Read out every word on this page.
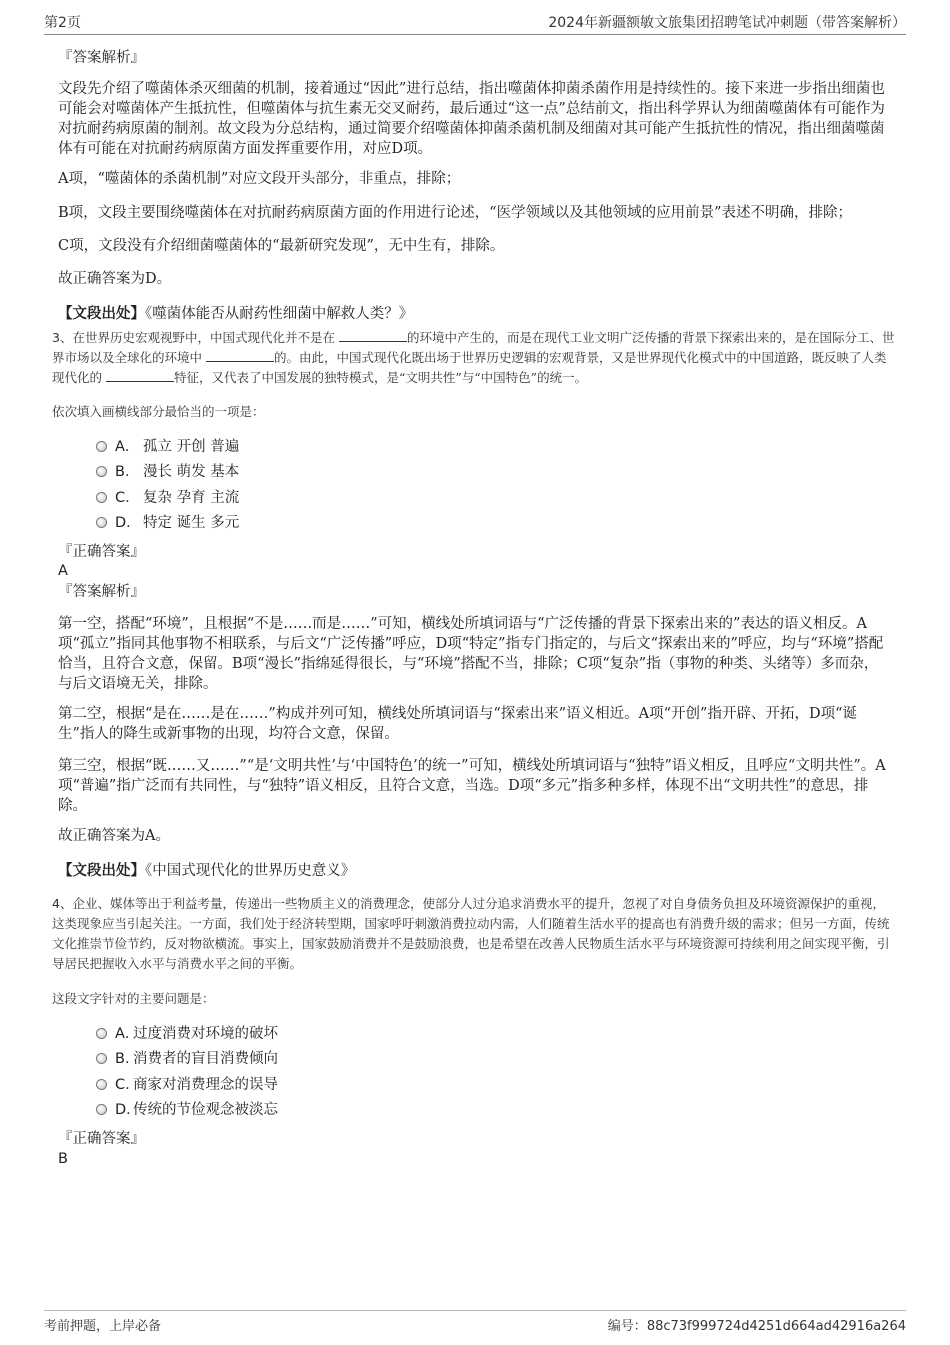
第2页	2024年新疆额敏文旅集团招聘笔试冲刺题（带答案解析）
『答案解析』
文段先介绍了噬菌体杀灭细菌的机制，接着通过“因此”进行总结，指出噬菌体抑菌杀菌作用是持续性的。接下来进一步指出细菌也可能会对噬菌体产生抵抗性，但噬菌体与抗生素无交叉耐药，最后通过“这一点”总结前文，指出科学界认为细菌噬菌体有可能作为对抗耐药病原菌的制剂。故文段为分总结构，通过简要介绍噬菌体抑菌杀菌机制及细菌对其可能产生抵抗性的情况，指出细菌噬菌体有可能在对抗耐药病原菌方面发挥重要作用，对应D项。
A项，“噬菌体的杀菌机制”对应文段开头部分，非重点，排除；
B项，文段主要围绕噬菌体在对抗耐药病原菌方面的作用进行论述，“医学领域以及其他领域的应用前景”表述不明确，排除；
C项，文段没有介绍细菌噬菌体的“最新研究发现”，无中生有，排除。
故正确答案为D。
【文段出处】《噬菌体能否从耐药性细菌中解救人类？》
3、在世界历史宏观视野中，中国式现代化并不是在	的环境中产生的，而是在现代工业文明广泛传播的背景下探索出来的，是在国际分工、世界市场以及全球化的环境中	的。由此，中国式现代化既出场于世界历史逻辑的宏观背景，又是世界现代化模式中的中国道路，既反映了人类现代化的	特征，又代表了中国发展的独特模式，是“文明共性”与“中国特色”的统一。
依次填入画横线部分最恰当的一项是：
A． 孤立 开创 普遍
B． 漫长 萌发 基本
C． 复杂 孕育 主流
D． 特定 诞生 多元
『正确答案』
A
『答案解析』
第一空，搭配“环境”，且根据“不是……而是……”可知，横线处所填词语与“广泛传播的背景下探索出来的”表达的语义相反。A项“孤立”指同其他事物不相联系，与后文“广泛传播”呼应，D项“特定”指专门指定的，与后文“探索出来的”呼应，均与“环境”搭配恰当，且符合文意，保留。B项“漫长”指绵延得很长，与“环境”搭配不当，排除；C项“复杂”指（事物的种类、头绪等）多而杂，与后文语境无关，排除。
第二空，根据“是在……是在……”构成并列可知，横线处所填词语与“探索出来”语义相近。A项“开创”指开辟、开拓，D项“诞生”指人的降生或新事物的出现，均符合文意，保留。
第三空，根据“既……又……”“是‘文明共性’与‘中国特色’的统一”可知，横线处所填词语与“独特”语义相反，且呼应“文明共性”。A项“普遍”指广泛而有共同性，与“独特”语义相反，且符合文意，当选。D项“多元”指多种多样，体现不出“文明共性”的意思，排除。
故正确答案为A。
【文段出处】《中国式现代化的世界历史意义》
4、企业、媒体等出于利益考量，传递出一些物质主义的消费理念，使部分人过分追求消费水平的提升，忽视了对自身债务负担及环境资源保护的重视，这类现象应当引起关注。一方面，我们处于经济转型期，国家呼吁刺激消费拉动内需，人们随着生活水平的提高也有消费升级的需求；但另一方面，传统文化推崇节俭节约，反对物欲横流。事实上，国家鼓励消费并不是鼓励浪费，也是希望在改善人民物质生活水平与环境资源可持续利用之间实现平衡，引导居民把握收入水平与消费水平之间的平衡。
这段文字针对的主要问题是：
A．过度消费对环境的破坏
B．消费者的盲目消费倾向
C．商家对消费理念的误导
D．传统的节俭观念被淡忘
『正确答案』
B
考前押题，上岸必备	编号：88c73f999724d4251d664ad42916a264
